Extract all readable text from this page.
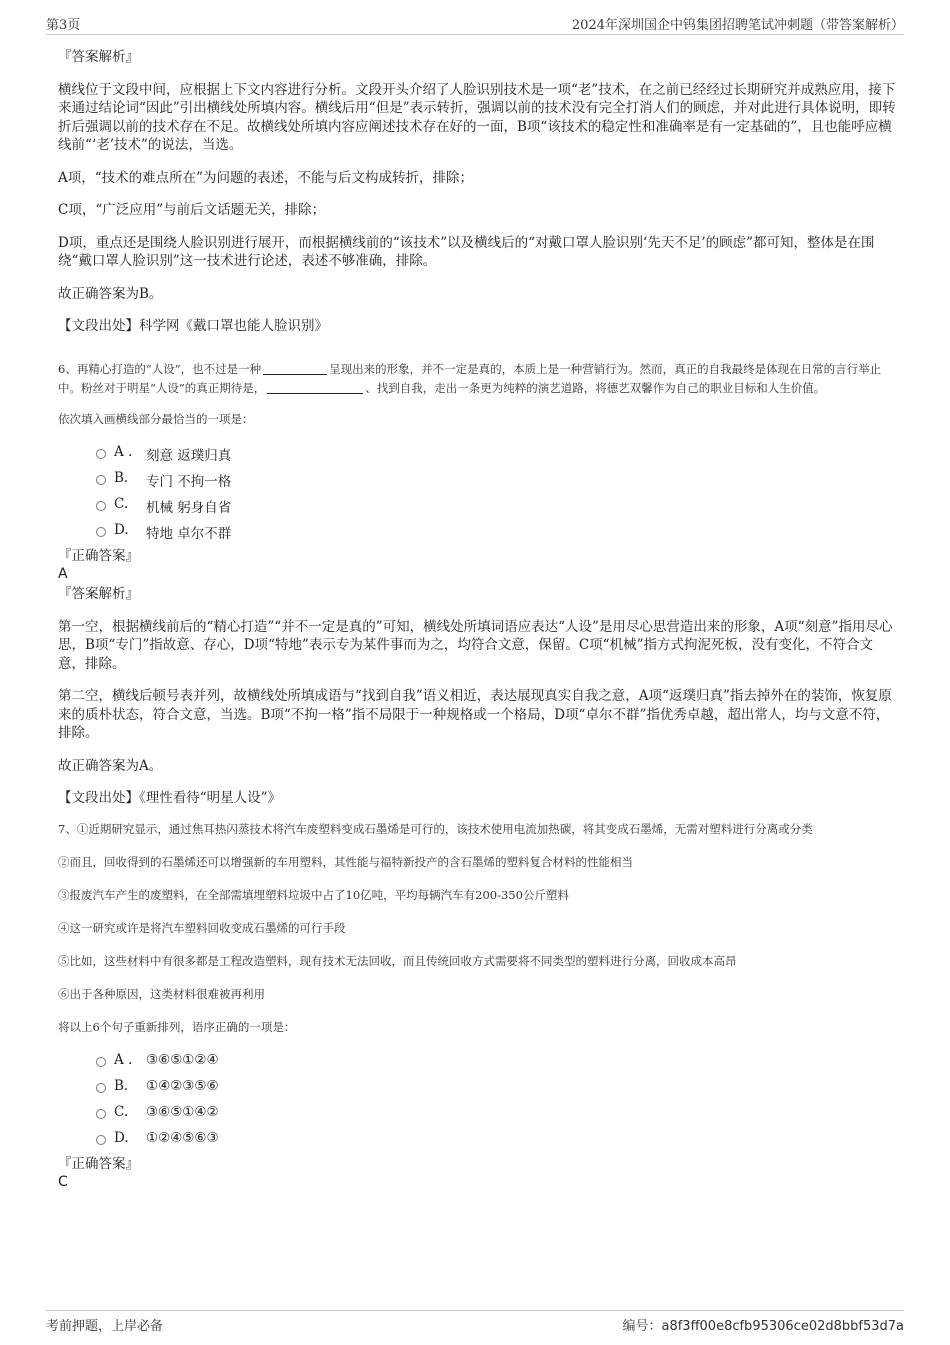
第3页	2024年深圳国企中钨集团招聘笔试冲刺题（带答案解析）

『答案解析』

横线位于文段中间，应根据上下文内容进行分析。文段开头介绍了人脸识别技术是一项“老”技术，在之前已经经过长期研究并成熟应用，接下来通过结论词“因此”引出横线处所填内容。横线后用“但是”表示转折，强调以前的技术没有完全打消人们的顾虑，并对此进行具体说明，即转折后强调以前的技术存在不足。故横线处所填内容应阐述技术存在好的一面，B项“该技术的稳定性和准确率是有一定基础的”，且也能呼应横线前“‘老’技术”的说法，当选。

A项，“技术的难点所在”为问题的表述，不能与后文构成转折，排除；

C项，“广泛应用”与前后文话题无关，排除；

D项，重点还是围绕人脸识别进行展开，而根据横线前的“该技术”以及横线后的“对戴口罩人脸识别‘先天不足’的顾虑”都可知，整体是在围绕“戴口罩人脸识别”这一技术进行论述，表述不够准确，排除。

故正确答案为B。

【文段出处】科学网《戴口罩也能人脸识别》

6、再精心打造的“人设”，也不过是一种	呈现出来的形象，并不一定是真的，本质上是一种营销行为。然而，真正的自我最终是体现在日常的言行举止中。粉丝对于明星“人设”的真正期待是，	、找到自我，走出一条更为纯粹的演艺道路，将德艺双馨作为自己的职业目标和人生价值。

依次填入画横线部分最恰当的一项是：

A . 刻意 返璞归真
B. 专门 不拘一格
C. 机械 躬身自省
D. 特地 卓尔不群

『正确答案』

A

『答案解析』

第一空，根据横线前后的“精心打造”“并不一定是真的”可知，横线处所填词语应表达“人设”是用尽心思营造出来的形象，A项“刻意”指用尽心思，B项“专门”指故意、存心，D项“特地”表示专为某件事而为之，均符合文意，保留。C项“机械”指方式拘泥死板，没有变化，不符合文意，排除。

第二空，横线后顿号表并列，故横线处所填成语与“找到自我”语义相近，表达展现真实自我之意，A项“返璞归真”指去掉外在的装饰，恢复原来的质朴状态，符合文意，当选。B项“不拘一格”指不局限于一种规格或一个格局，D项“卓尔不群”指优秀卓越，超出常人，均与文意不符，排除。

故正确答案为A。

【文段出处】《理性看待“明星人设”》

7、①近期研究显示，通过焦耳热闪蒸技术将汽车废塑料变成石墨烯是可行的，该技术使用电流加热碳，将其变成石墨烯，无需对塑料进行分离或分类

②而且，回收得到的石墨烯还可以增强新的车用塑料，其性能与福特新投产的含石墨烯的塑料复合材料的性能相当

③报废汽车产生的废塑料，在全部需填埋塑料垃圾中占了10亿吨，平均每辆汽车有200-350公斤塑料

④这一研究或许是将汽车塑料回收变成石墨烯的可行手段

⑤比如，这些材料中有很多都是工程改造塑料，现有技术无法回收，而且传统回收方式需要将不同类型的塑料进行分离，回收成本高昂

⑥出于各种原因，这类材料很难被再利用

将以上6个句子重新排列，语序正确的一项是：

A . ③⑥⑤①②④
B. ①④②③⑤⑥
C. ③⑥⑤①④②
D. ①②④⑤⑥③

『正确答案』

C

考前押题，上岸必备	编号：a8f3ff00e8cfb95306ce02d8bbf53d7a
